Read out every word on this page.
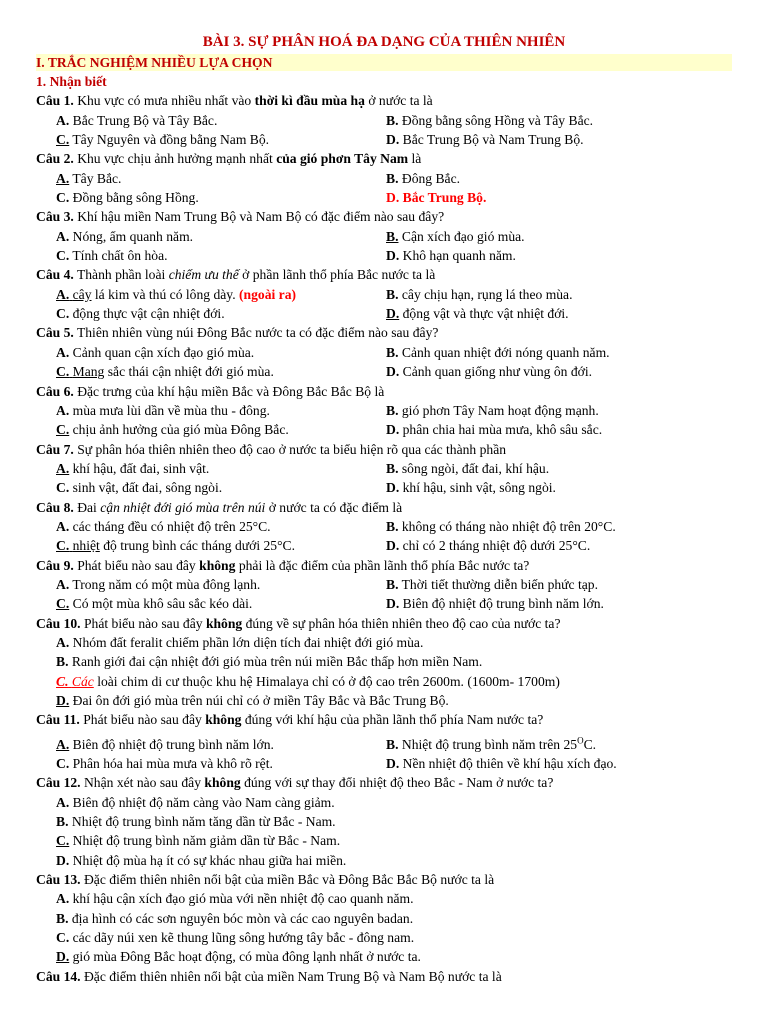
BÀI 3. SỰ PHÂN HOÁ ĐA DẠNG CỦA THIÊN NHIÊN
I. TRẮC NGHIỆM NHIỀU LỰA CHỌN
1. Nhận biết
Câu 1. Khu vực có mưa nhiều nhất vào thời kì đầu mùa hạ ở nước ta là
A. Bắc Trung Bộ và Tây Bắc.	B. Đồng bằng sông Hồng và Tây Bắc.
C. Tây Nguyên và đồng bằng Nam Bộ.	D. Bắc Trung Bộ và Nam Trung Bộ.
Câu 2. Khu vực chịu ảnh hưởng mạnh nhất của gió phơn Tây Nam là
A. Tây Bắc.	B. Đông Bắc.
C. Đồng bằng sông Hồng.	D. Bắc Trung Bộ.
Câu 3. Khí hậu miền Nam Trung Bộ và Nam Bộ có đặc điểm nào sau đây?
A. Nóng, ẩm quanh năm.	B. Cận xích đạo gió mùa.
C. Tính chất ôn hòa.	D. Khô hạn quanh năm.
Câu 4. Thành phần loài chiếm ưu thế ở phần lãnh thổ phía Bắc nước ta là
A. cây lá kim và thú có lông dày. (ngoài ra)	B. cây chịu hạn, rụng lá theo mùa.
C. động thực vật cận nhiệt đới.	D. động vật và thực vật nhiệt đới.
Câu 5. Thiên nhiên vùng núi Đông Bắc nước ta có đặc điểm nào sau đây?
A. Cảnh quan cận xích đạo gió mùa.	B. Cảnh quan nhiệt đới nóng quanh năm.
C. Mang sắc thái cận nhiệt đới gió mùa.	D. Cảnh quan giống như vùng ôn đới.
Câu 6. Đặc trưng của khí hậu miền Bắc và Đông Bắc Bắc Bộ là
A. mùa mưa lùi dần về mùa thu - đông.	B. gió phơn Tây Nam hoạt động mạnh.
C. chịu ảnh hưởng của gió mùa Đông Bắc.	D. phân chia hai mùa mưa, khô sâu sắc.
Câu 7. Sự phân hóa thiên nhiên theo độ cao ở nước ta biểu hiện rõ qua các thành phần
A. khí hậu, đất đai, sinh vật.	B. sông ngòi, đất đai, khí hậu.
C. sinh vật, đất đai, sông ngòi.	D. khí hậu, sinh vật, sông ngòi.
Câu 8. Đai cận nhiệt đới gió mùa trên núi ở nước ta có đặc điểm là
A. các tháng đều có nhiệt độ trên 25°C.	B. không có tháng nào nhiệt độ trên 20°C.
C. nhiệt độ trung bình các tháng dưới 25°C.	D. chỉ có 2 tháng nhiệt độ dưới 25°C.
Câu 9. Phát biểu nào sau đây không phải là đặc điểm của phần lãnh thổ phía Bắc nước ta?
A. Trong năm có một mùa đông lạnh.	B. Thời tiết thường diễn biến phức tạp.
C. Có một mùa khô sâu sắc kéo dài.	D. Biên độ nhiệt độ trung bình năm lớn.
Câu 10. Phát biểu nào sau đây không đúng về sự phân hóa thiên nhiên theo độ cao của nước ta?
A. Nhóm đất feralit chiếm phần lớn diện tích đai nhiệt đới gió mùa.
B. Ranh giới đai cận nhiệt đới gió mùa trên núi miền Bắc thấp hơn miền Nam.
C. Các loài chim di cư thuộc khu hệ Himalaya chỉ có ở độ cao trên 2600m. (1600m- 1700m)
D. Đai ôn đới gió mùa trên núi chỉ có ở miền Tây Bắc và Bắc Trung Bộ.
Câu 11. Phát biểu nào sau đây không đúng với khí hậu của phần lãnh thổ phía Nam nước ta?
A. Biên độ nhiệt độ trung bình năm lớn.	B. Nhiệt độ trung bình năm trên $25^OC$.
C. Phân hóa hai mùa mưa và khô rõ rệt.	D. Nền nhiệt độ thiên về khí hậu xích đạo.
Câu 12. Nhận xét nào sau đây không đúng với sự thay đổi nhiệt độ theo Bắc - Nam ở nước ta?
A. Biên độ nhiệt độ năm càng vào Nam càng giảm.
B. Nhiệt độ trung bình năm tăng dần từ Bắc - Nam.
C. Nhiệt độ trung bình năm giảm dần từ Bắc - Nam.
D. Nhiệt độ mùa hạ ít có sự khác nhau giữa hai miền.
Câu 13. Đặc điểm thiên nhiên nổi bật của miền Bắc và Đông Bắc Bắc Bộ nước ta là
A. khí hậu cận xích đạo gió mùa với nền nhiệt độ cao quanh năm.
B. địa hình có các sơn nguyên bóc mòn và các cao nguyên badan.
C. các dãy núi xen kẽ thung lũng sông hướng tây bắc - đông nam.
D. gió mùa Đông Bắc hoạt động, có mùa đông lạnh nhất ở nước ta.
Câu 14. Đặc điểm thiên nhiên nổi bật của miền Nam Trung Bộ và Nam Bộ nước ta là
